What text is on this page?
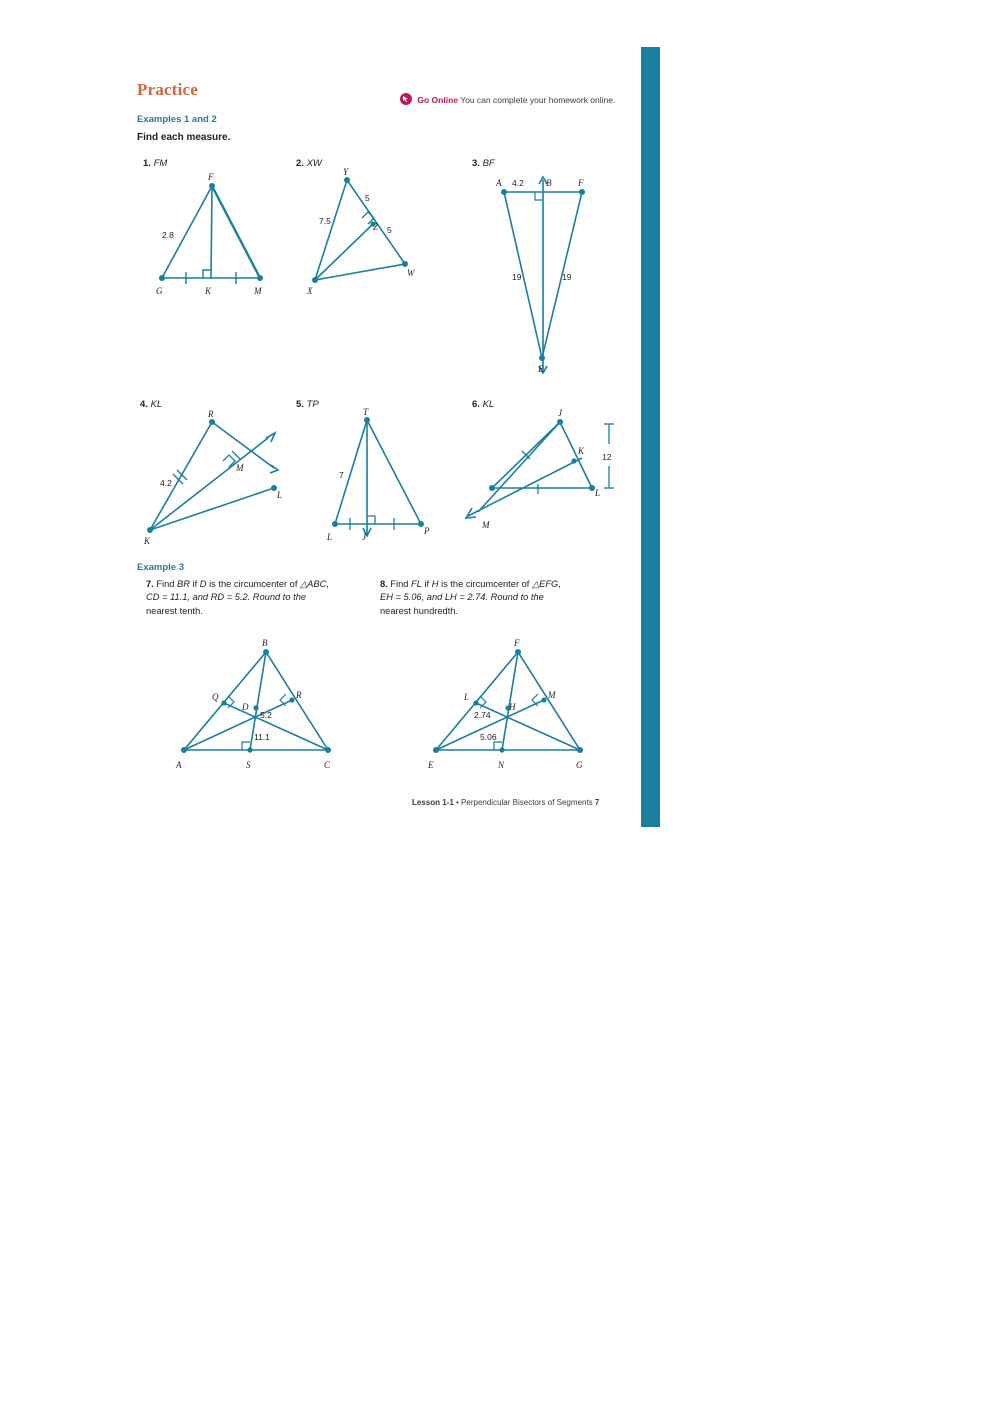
Practice
Examples 1 and 2
Find each measure.
Go Online You can complete your homework online.
1. FM	2. XW	3. BF
4. KL	5. TP	6. KL
F
G	K
2.8
M
Y
5
7.5
Z 5
X
W
A 4.2 B	F
19	19
E
R
M
4.2
L
K
T
7
L	J
P
J
K
12
L
M
Example 3
7. Find BR if D is the circumcenter of △ABC,
CD = 11.1, and RD = 5.2. Round to the
nearest tenth.
8. Find FL if H is the circumcenter of △EFG,
EH = 5.06, and LH = 2.74. Round to the
nearest hundredth.
B
Q	R
D
5.2
11.1
A	S	C
F
L	M
H
2.74
5.06
E	N	G
Lesson 1-1 • Perpendicular Bisectors of Segments 7
